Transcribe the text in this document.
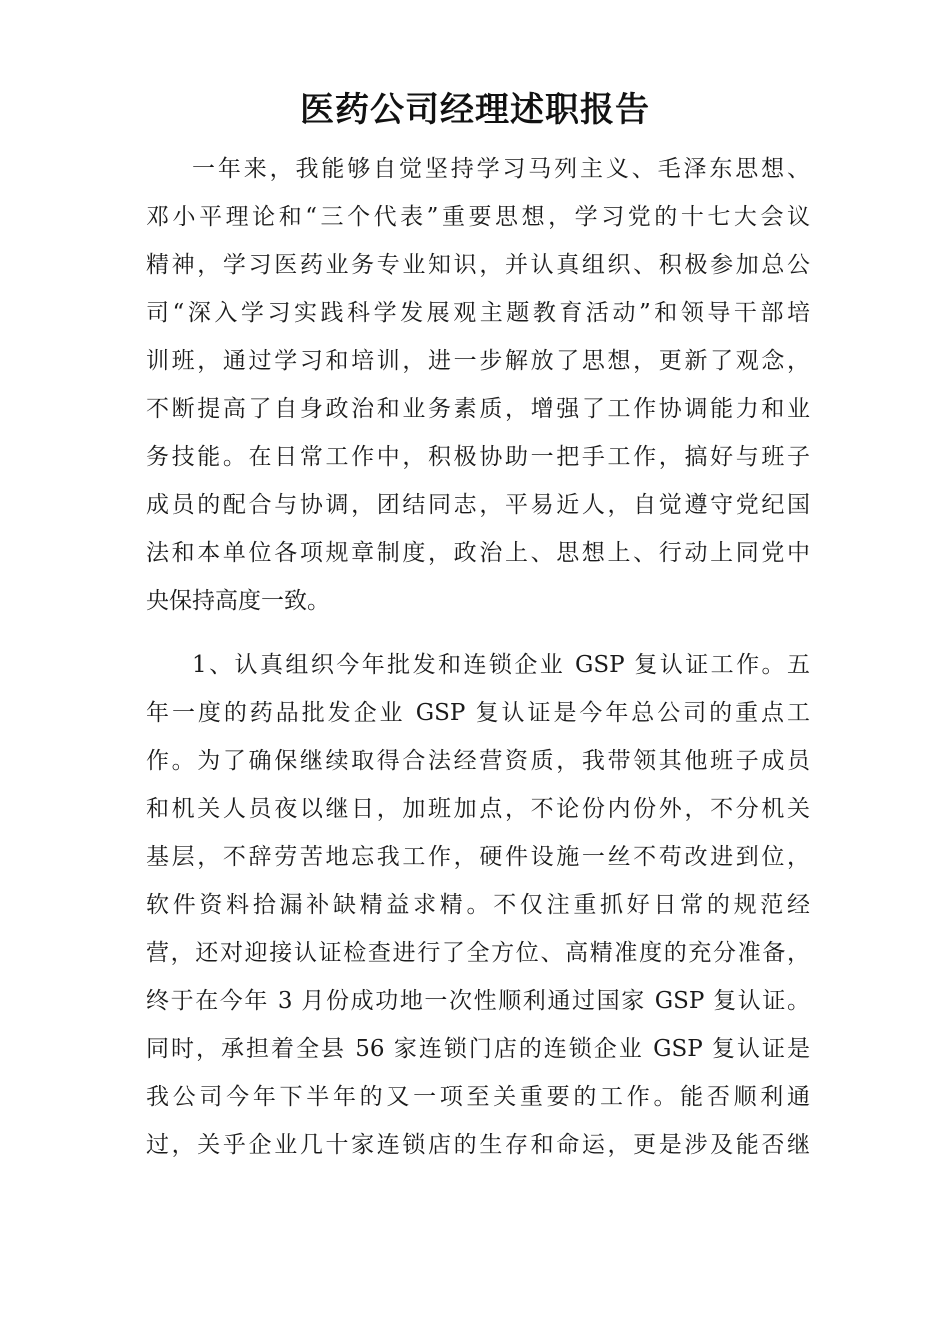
医药公司经理述职报告
一年来，我能够自觉坚持学习马列主义、毛泽东思想、
邓小平理论和“三个代表”重要思想，学习党的十七大会议
精神，学习医药业务专业知识，并认真组织、积极参加总公
司“深入学习实践科学发展观主题教育活动”和领导干部培
训班，通过学习和培训，进一步解放了思想，更新了观念，
不断提高了自身政治和业务素质，增强了工作协调能力和业
务技能。在日常工作中，积极协助一把手工作，搞好与班子
成员的配合与协调，团结同志，平易近人，自觉遵守党纪国
法和本单位各项规章制度，政治上、思想上、行动上同党中
央保持高度一致。
1、认真组织今年批发和连锁企业 GSP 复认证工作。五
年一度的药品批发企业 GSP 复认证是今年总公司的重点工
作。为了确保继续取得合法经营资质，我带领其他班子成员
和机关人员夜以继日，加班加点，不论份内份外，不分机关
基层，不辞劳苦地忘我工作，硬件设施一丝不苟改进到位，
软件资料拾漏补缺精益求精。不仅注重抓好日常的规范经
营，还对迎接认证检查进行了全方位、高精准度的充分准备，
终于在今年 3 月份成功地一次性顺利通过国家 GSP 复认证。
同时，承担着全县 56 家连锁门店的连锁企业 GSP 复认证是
我公司今年下半年的又一项至关重要的工作。能否顺利通
过，关乎企业几十家连锁店的生存和命运，更是涉及能否继
